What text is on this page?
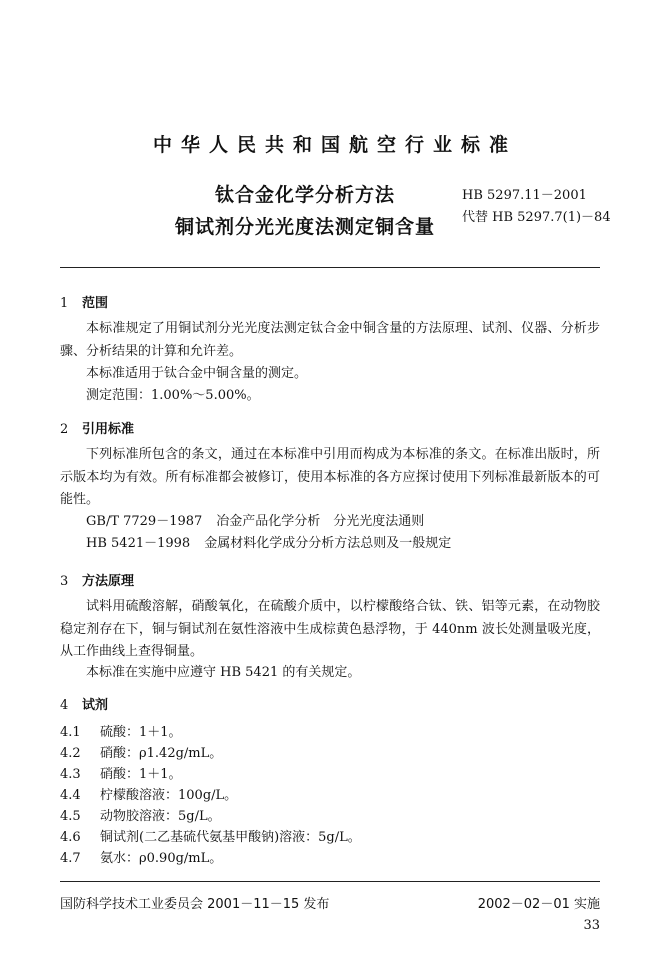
中华人民共和国航空行业标准
钛合金化学分析方法
铜试剂分光光度法测定铜含量
HB 5297.11－2001
代替 HB 5297.7(1)－84
1 范围
本标准规定了用铜试剂分光光度法测定钛合金中铜含量的方法原理、试剂、仪器、分析步骤、分析结果的计算和允许差。
本标准适用于钛合金中铜含量的测定。
测定范围：1.00%～5.00%。
2 引用标准
下列标准所包含的条文，通过在本标准中引用而构成为本标准的条文。在标准出版时，所示版本均为有效。所有标准都会被修订，使用本标准的各方应探讨使用下列标准最新版本的可能性。
GB/T 7729－1987 冶金产品化学分析　分光光度法通则
HB 5421－1998 金属材料化学成分分析方法总则及一般规定
3 方法原理
试料用硫酸溶解，硝酸氧化，在硫酸介质中，以柠檬酸络合钛、铁、铝等元素，在动物胶稳定剂存在下，铜与铜试剂在氨性溶液中生成棕黄色悬浮物，于 440nm 波长处测量吸光度，从工作曲线上查得铜量。
本标准在实施中应遵守 HB 5421 的有关规定。
4 试剂
4.1 硫酸：1＋1。
4.2 硝酸：ρ1.42g/mL。
4.3 硝酸：1＋1。
4.4 柠檬酸溶液：100g/L。
4.5 动物胶溶液：5g/L。
4.6 铜试剂(二乙基硫代氨基甲酸钠)溶液：5g/L。
4.7 氨水：ρ0.90g/mL。
国防科学技术工业委员会 2001－11－15 发布	2002－02－01 实施
33
